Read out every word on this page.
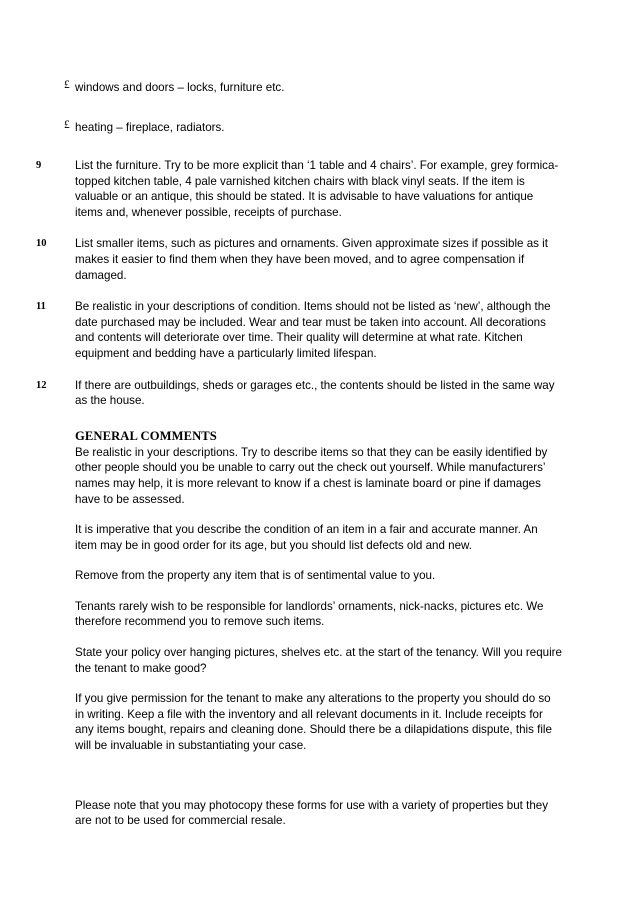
£ windows and doors – locks, furniture etc.
£ heating – fireplace, radiators.
9	List the furniture. Try to be more explicit than ‘1 table and 4 chairs’. For example, grey formica-topped kitchen table, 4 pale varnished kitchen chairs with black vinyl seats. If the item is valuable or an antique, this should be stated. It is advisable to have valuations for antique items and, whenever possible, receipts of purchase.
10	List smaller items, such as pictures and ornaments. Given approximate sizes if possible as it makes it easier to find them when they have been moved, and to agree compensation if damaged.
11	Be realistic in your descriptions of condition. Items should not be listed as ‘new’, although the date purchased may be included. Wear and tear must be taken into account. All decorations and contents will deteriorate over time. Their quality will determine at what rate. Kitchen equipment and bedding have a particularly limited lifespan.
12	If there are outbuildings, sheds or garages etc., the contents should be listed in the same way as the house.
GENERAL COMMENTS

Be realistic in your descriptions. Try to describe items so that they can be easily identified by other people should you be unable to carry out the check out yourself. While manufacturers’ names may help, it is more relevant to know if a chest is laminate board or pine if damages have to be assessed.

It is imperative that you describe the condition of an item in a fair and accurate manner. An item may be in good order for its age, but you should list defects old and new.

Remove from the property any item that is of sentimental value to you.

Tenants rarely wish to be responsible for landlords’ ornaments, nick-nacks, pictures etc. We therefore recommend you to remove such items.

State your policy over hanging pictures, shelves etc. at the start of the tenancy. Will you require the tenant to make good?

If you give permission for the tenant to make any alterations to the property you should do so in writing. Keep a file with the inventory and all relevant documents in it. Include receipts for any items bought, repairs and cleaning done. Should there be a dilapidations dispute, this file will be invaluable in substantiating your case.

Please note that you may photocopy these forms for use with a variety of properties but they are not to be used for commercial resale.
